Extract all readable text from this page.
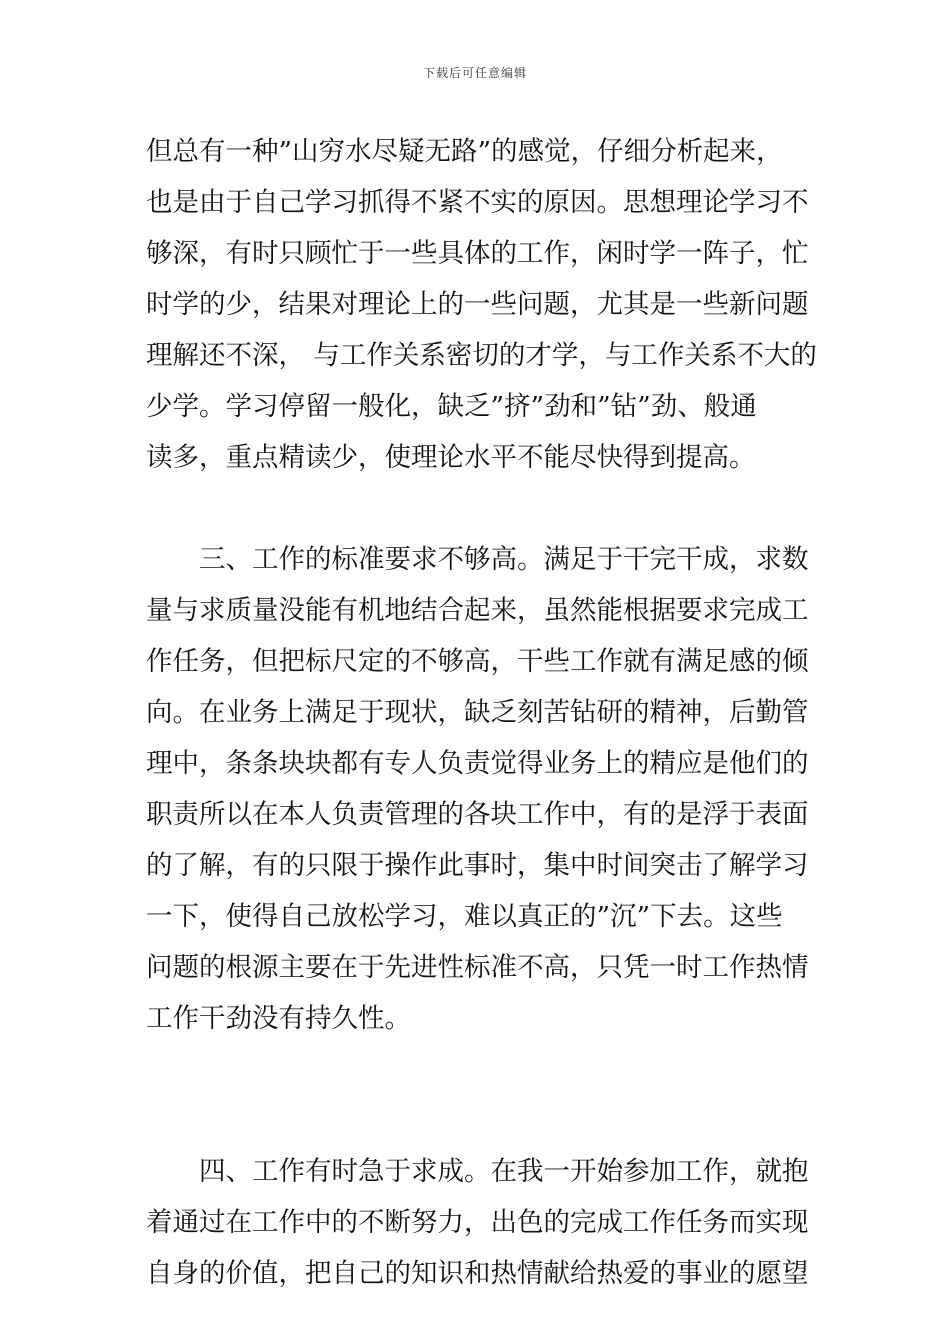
下载后可任意编辑
但总有一种”山穷水尽疑无路”的感觉，仔细分析起来，
也是由于自己学习抓得不紧不实的原因。思想理论学习不
够深，有时只顾忙于一些具体的工作，闲时学一阵子，忙
时学的少，结果对理论上的一些问题，尤其是一些新问题
理解还不深， 与工作关系密切的才学，与工作关系不大的
少学。学习停留一般化，缺乏”挤”劲和”钻”劲、般通
读多，重点精读少，使理论水平不能尽快得到提高。
三、工作的标准要求不够高。满足于干完干成，求数
量与求质量没能有机地结合起来，虽然能根据要求完成工
作任务，但把标尺定的不够高，干些工作就有满足感的倾
向。在业务上满足于现状，缺乏刻苦钻研的精神，后勤管
理中，条条块块都有专人负责觉得业务上的精应是他们的
职责所以在本人负责管理的各块工作中，有的是浮于表面
的了解，有的只限于操作此事时，集中时间突击了解学习
一下，使得自己放松学习，难以真正的”沉”下去。这些
问题的根源主要在于先进性标准不高，只凭一时工作热情
工作干劲没有持久性。
四、工作有时急于求成。在我一开始参加工作，就抱
着通过在工作中的不断努力，出色的完成工作任务而实现
自身的价值，把自己的知识和热情献给热爱的事业的愿望
